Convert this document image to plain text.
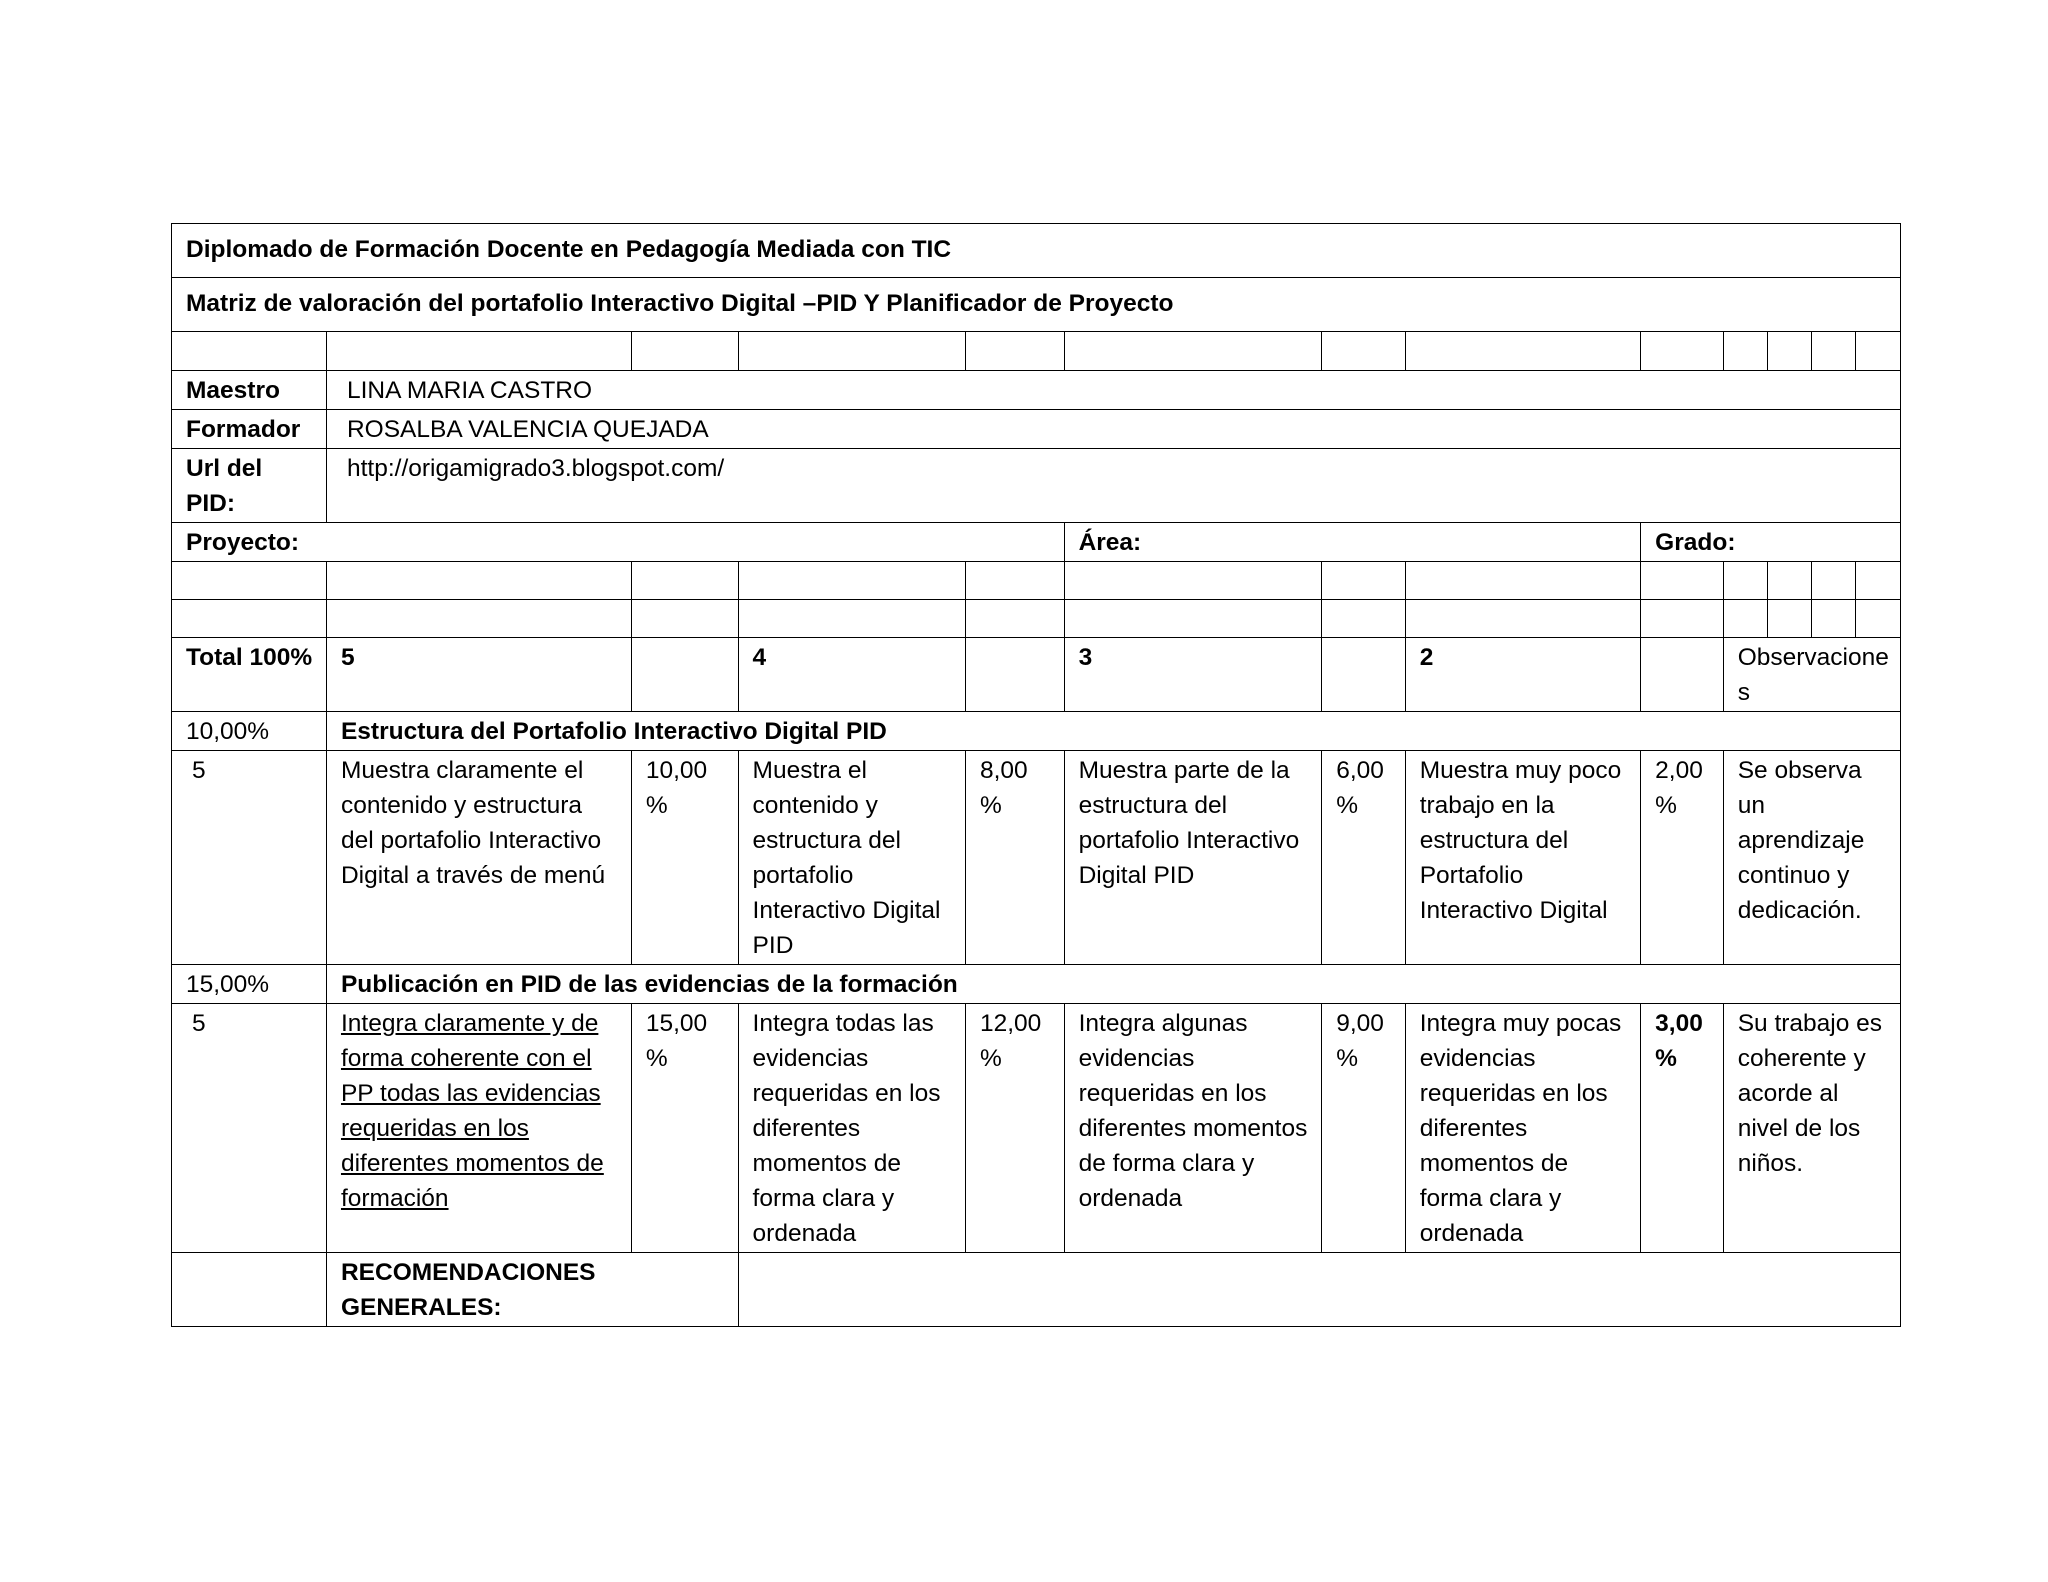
Diplomado de Formación Docente en Pedagogía Mediada con TIC												
Matriz de valoración del portafolio Interactivo Digital –PID Y Planificador de Proyecto												

Maestro	LINA MARIA CASTRO											
Formador	ROSALBA VALENCIA QUEJADA											
Url del PID:	http://origamigrado3.blogspot.com/											
Proyecto:					Área:			Grado:				

Total 100%	5		4		3		2		Observaciones			
10,00%	Estructura del Portafolio Interactivo Digital PID											
5	Muestra claramente el contenido y estructura del portafolio Interactivo Digital a través de menú	10,00 %	Muestra el contenido y estructura del portafolio Interactivo Digital PID	8,00 %	Muestra parte de la estructura del portafolio Interactivo Digital PID	6,00 %	Muestra muy poco trabajo en la estructura del Portafolio Interactivo Digital	2,00 %	Se observa un aprendizaje continuo y dedicación.			
15,00%	Publicación en PID de las evidencias de la formación											
5	Integra claramente y de forma coherente con el PP todas las evidencias requeridas en los diferentes momentos de formación	15,00 %	Integra todas las evidencias requeridas en los diferentes momentos de forma clara y ordenada	12,00 %	Integra algunas evidencias requeridas en los diferentes momentos de forma clara y ordenada	9,00 %	Integra muy pocas evidencias requeridas en los diferentes momentos de forma clara y ordenada	3,00 %	Su trabajo es coherente y acorde al nivel de los niños.			
	RECOMENDACIONES GENERALES:											
